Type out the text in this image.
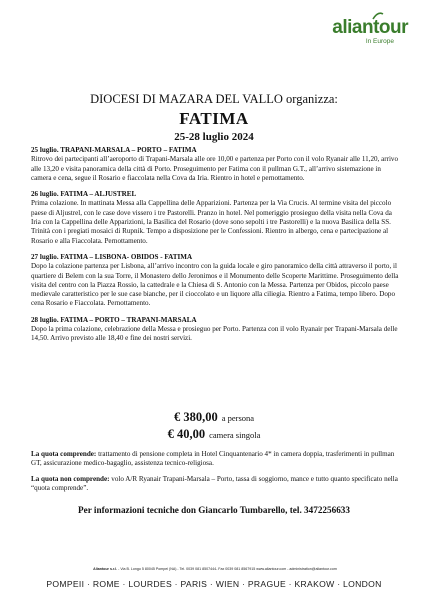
aliantour
In Europe
DIOCESI DI MAZARA DEL VALLO organizza:
FATIMA
25-28 luglio 2024
25 luglio. TRAPANI-MARSALA – PORTO – FATIMA
Ritrovo dei partecipanti all’aeroporto di Trapani-Marsala alle ore 10,00 e partenza per Porto con il volo Ryanair alle 11,20, arrivo alle 13,20 e visita panoramica della città di Porto. Proseguimento per Fatima con il pullman G.T., all’arrivo sistemazione in camera e cena, segue il Rosario e fiaccolata nella Cova da Iria. Rientro in hotel e pernottamento.
26 luglio. FATIMA – ALJUSTREL
Prima colazione. In mattinata Messa alla Cappellina delle Apparizioni. Partenza per la Via Crucis. Al termine visita del piccolo paese di Aljustrel, con le case dove vissero i tre Pastorelli. Pranzo in hotel. Nel pomeriggio prosieguo della visita nella Cova da Iria con la Cappellina delle Apparizioni, la Basilica del Rosario (dove sono sepolti i tre Pastorelli) e la nuova Basilica della SS. Trinità con i pregiati mosaici di Rupnik. Tempo a disposizione per le Confessioni. Rientro in albergo, cena e partecipazione al Rosario e alla Fiaccolata. Pernottamento.
27 luglio. FATIMA – LISBONA- OBIDOS - FATIMA
Dopo la colazione partenza per Lisbona, all’arrivo incontro con la guida locale e giro panoramico della città attraverso il porto, il quartiere di Belem con la sua Torre, il Monastero dello Jeronimos e il Monumento delle Scoperte Marittime. Proseguimento della visita del centro con la Piazza Rossio, la cattedrale e la Chiesa di S. Antonio con la Messa. Partenza per Obidos, piccolo paese medievale caratteristico per le sue case bianche, per il cioccolato e un liquore alla ciliegia. Rientro a Fatima, tempo libero. Dopo cena Rosario e Fiaccolata. Pernottamento.
28 luglio. FATIMA – PORTO – TRAPANI-MARSALA
Dopo la prima colazione, celebrazione della Messa e prosieguo per Porto. Partenza con il volo Ryanair per Trapani-Marsala delle 14,50. Arrivo previsto alle 18,40 e fine dei nostri servizi.
€ 380,00 a persona
€ 40,00 camera singola
La quota comprende: trattamento di pensione completa in Hotel Cinquantenario 4* in camera doppia, trasferimenti in pullman GT, assicurazione medico-bagaglio, assistenza tecnico-religiosa.
La quota non comprende: volo A/R Ryanair Trapani-Marsala – Porto, tassa di soggiorno, mance e tutto quanto specificato nella “quota comprende”.
Per informazioni tecniche don Giancarlo Tumbarello, tel. 3472256633
Aliantour s.r.l. - Via B. Longo 5 80045 Pompei (NA) - Tel. 0039 081 8507444- Fax 0039 081 8567915 www.aliantour.com - administration@aliantour.com
POMPEII · ROME · LOURDES · PARIS · WIEN · PRAGUE · KRAKOW · LONDON
